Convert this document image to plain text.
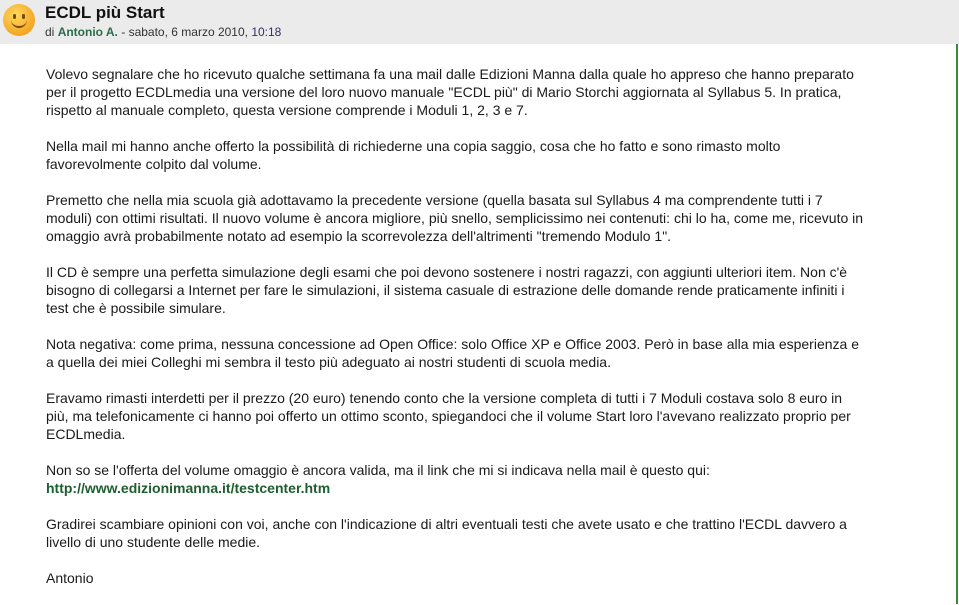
ECDL più Start
di Antonio A. - sabato, 6 marzo 2010, 10:18
Volevo segnalare che ho ricevuto qualche settimana fa una mail dalle Edizioni Manna dalla quale ho appreso che hanno preparato
per il progetto ECDLmedia una versione del loro nuovo manuale "ECDL più" di Mario Storchi aggiornata al Syllabus 5. In pratica,
rispetto al manuale completo, questa versione comprende i Moduli 1, 2, 3 e 7.
Nella mail mi hanno anche offerto la possibilità di richiederne una copia saggio, cosa che ho fatto e sono rimasto molto
favorevolmente colpito dal volume.
Premetto che nella mia scuola già adottavamo la precedente versione (quella basata sul Syllabus 4 ma comprendente tutti i 7
moduli) con ottimi risultati. Il nuovo volume è ancora migliore, più snello, semplicissimo nei contenuti: chi lo ha, come me, ricevuto in
omaggio avrà probabilmente notato ad esempio la scorrevolezza dell'altrimenti "tremendo Modulo 1".
Il CD è sempre una perfetta simulazione degli esami che poi devono sostenere i nostri ragazzi, con aggiunti ulteriori item. Non c'è
bisogno di collegarsi a Internet per fare le simulazioni, il sistema casuale di estrazione delle domande rende praticamente infiniti i
test che è possibile simulare.
Nota negativa: come prima, nessuna concessione ad Open Office: solo Office XP e Office 2003. Però in base alla mia esperienza e
a quella dei miei Colleghi mi sembra il testo più adeguato ai nostri studenti di scuola media.
Eravamo rimasti interdetti per il prezzo (20 euro) tenendo conto che la versione completa di tutti i 7 Moduli costava solo 8 euro in
più, ma telefonicamente ci hanno poi offerto un ottimo sconto, spiegandoci che il volume Start loro l'avevano realizzato proprio per
ECDLmedia.
Non so se l'offerta del volume omaggio è ancora valida, ma il link che mi si indicava nella mail è questo qui:
http://www.edizionimanna.it/testcenter.htm
Gradirei scambiare opinioni con voi, anche con l'indicazione di altri eventuali testi che avete usato e che trattino l'ECDL davvero a
livello di uno studente delle medie.
Antonio
